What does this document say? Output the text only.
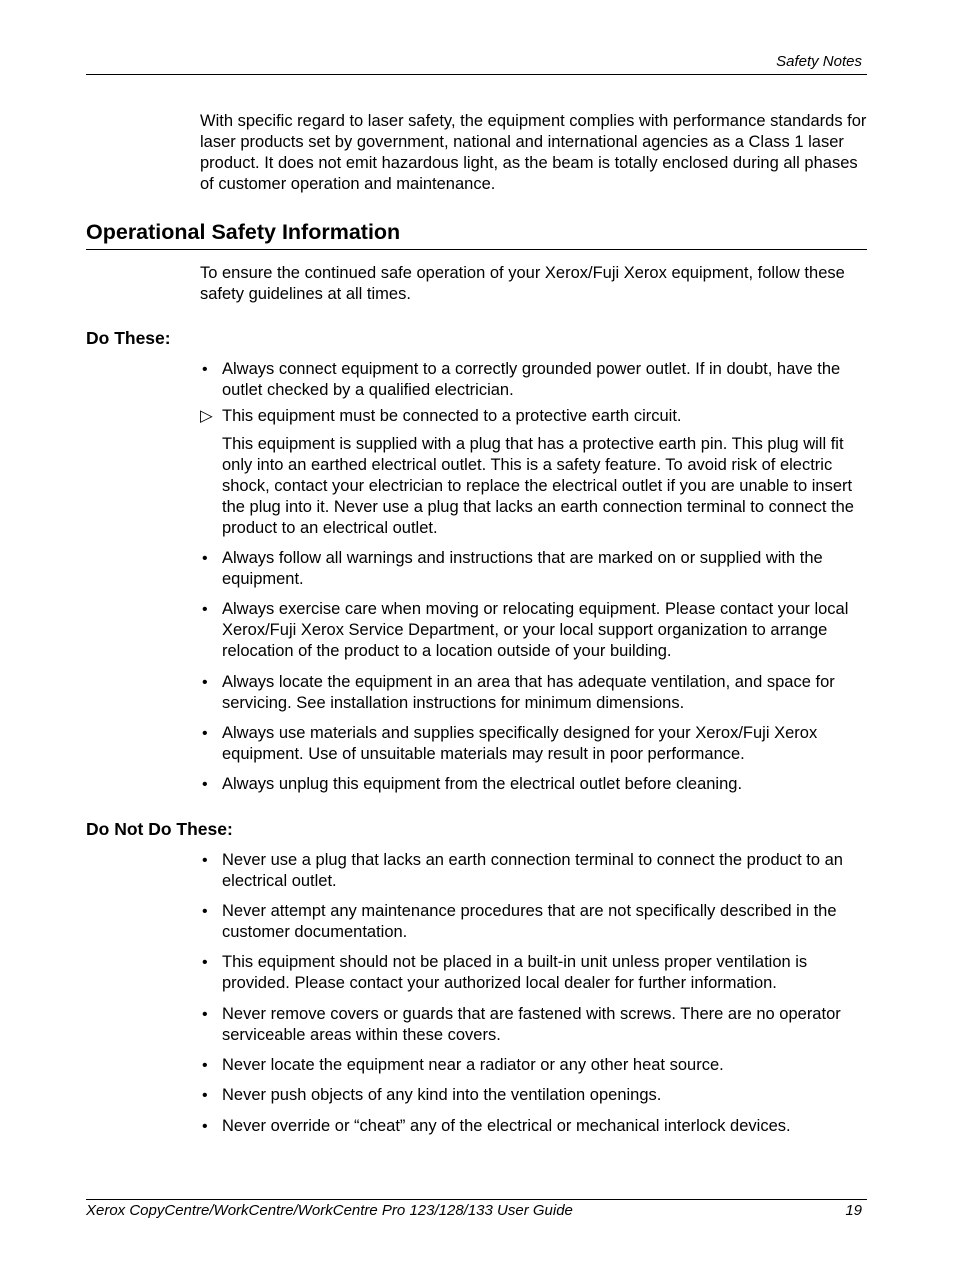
Safety Notes

With specific regard to laser safety, the equipment complies with performance standards for laser products set by government, national and international agencies as a Class 1 laser product. It does not emit hazardous light, as the beam is totally enclosed during all phases of customer operation and maintenance.

Operational Safety Information

To ensure the continued safe operation of your Xerox/Fuji Xerox equipment, follow these safety guidelines at all times.

Do These:
• Always connect equipment to a correctly grounded power outlet. If in doubt, have the outlet checked by a qualified electrician.
▷ This equipment must be connected to a protective earth circuit.

This equipment is supplied with a plug that has a protective earth pin. This plug will fit only into an earthed electrical outlet. This is a safety feature. To avoid risk of electric shock, contact your electrician to replace the electrical outlet if you are unable to insert the plug into it. Never use a plug that lacks an earth connection terminal to connect the product to an electrical outlet.

• Always follow all warnings and instructions that are marked on or supplied with the equipment.
• Always exercise care when moving or relocating equipment. Please contact your local Xerox/Fuji Xerox Service Department, or your local support organization to arrange relocation of the product to a location outside of your building.
• Always locate the equipment in an area that has adequate ventilation, and space for servicing. See installation instructions for minimum dimensions.
• Always use materials and supplies specifically designed for your Xerox/Fuji Xerox equipment. Use of unsuitable materials may result in poor performance.
• Always unplug this equipment from the electrical outlet before cleaning.
Do Not Do These:
• Never use a plug that lacks an earth connection terminal to connect the product to an electrical outlet.
• Never attempt any maintenance procedures that are not specifically described in the customer documentation.
• This equipment should not be placed in a built-in unit unless proper ventilation is provided. Please contact your authorized local dealer for further information.
• Never remove covers or guards that are fastened with screws. There are no operator serviceable areas within these covers.
• Never locate the equipment near a radiator or any other heat source.
• Never push objects of any kind into the ventilation openings.
• Never override or “cheat” any of the electrical or mechanical interlock devices.
Xerox CopyCentre/WorkCentre/WorkCentre Pro 123/128/133 User Guide	19
